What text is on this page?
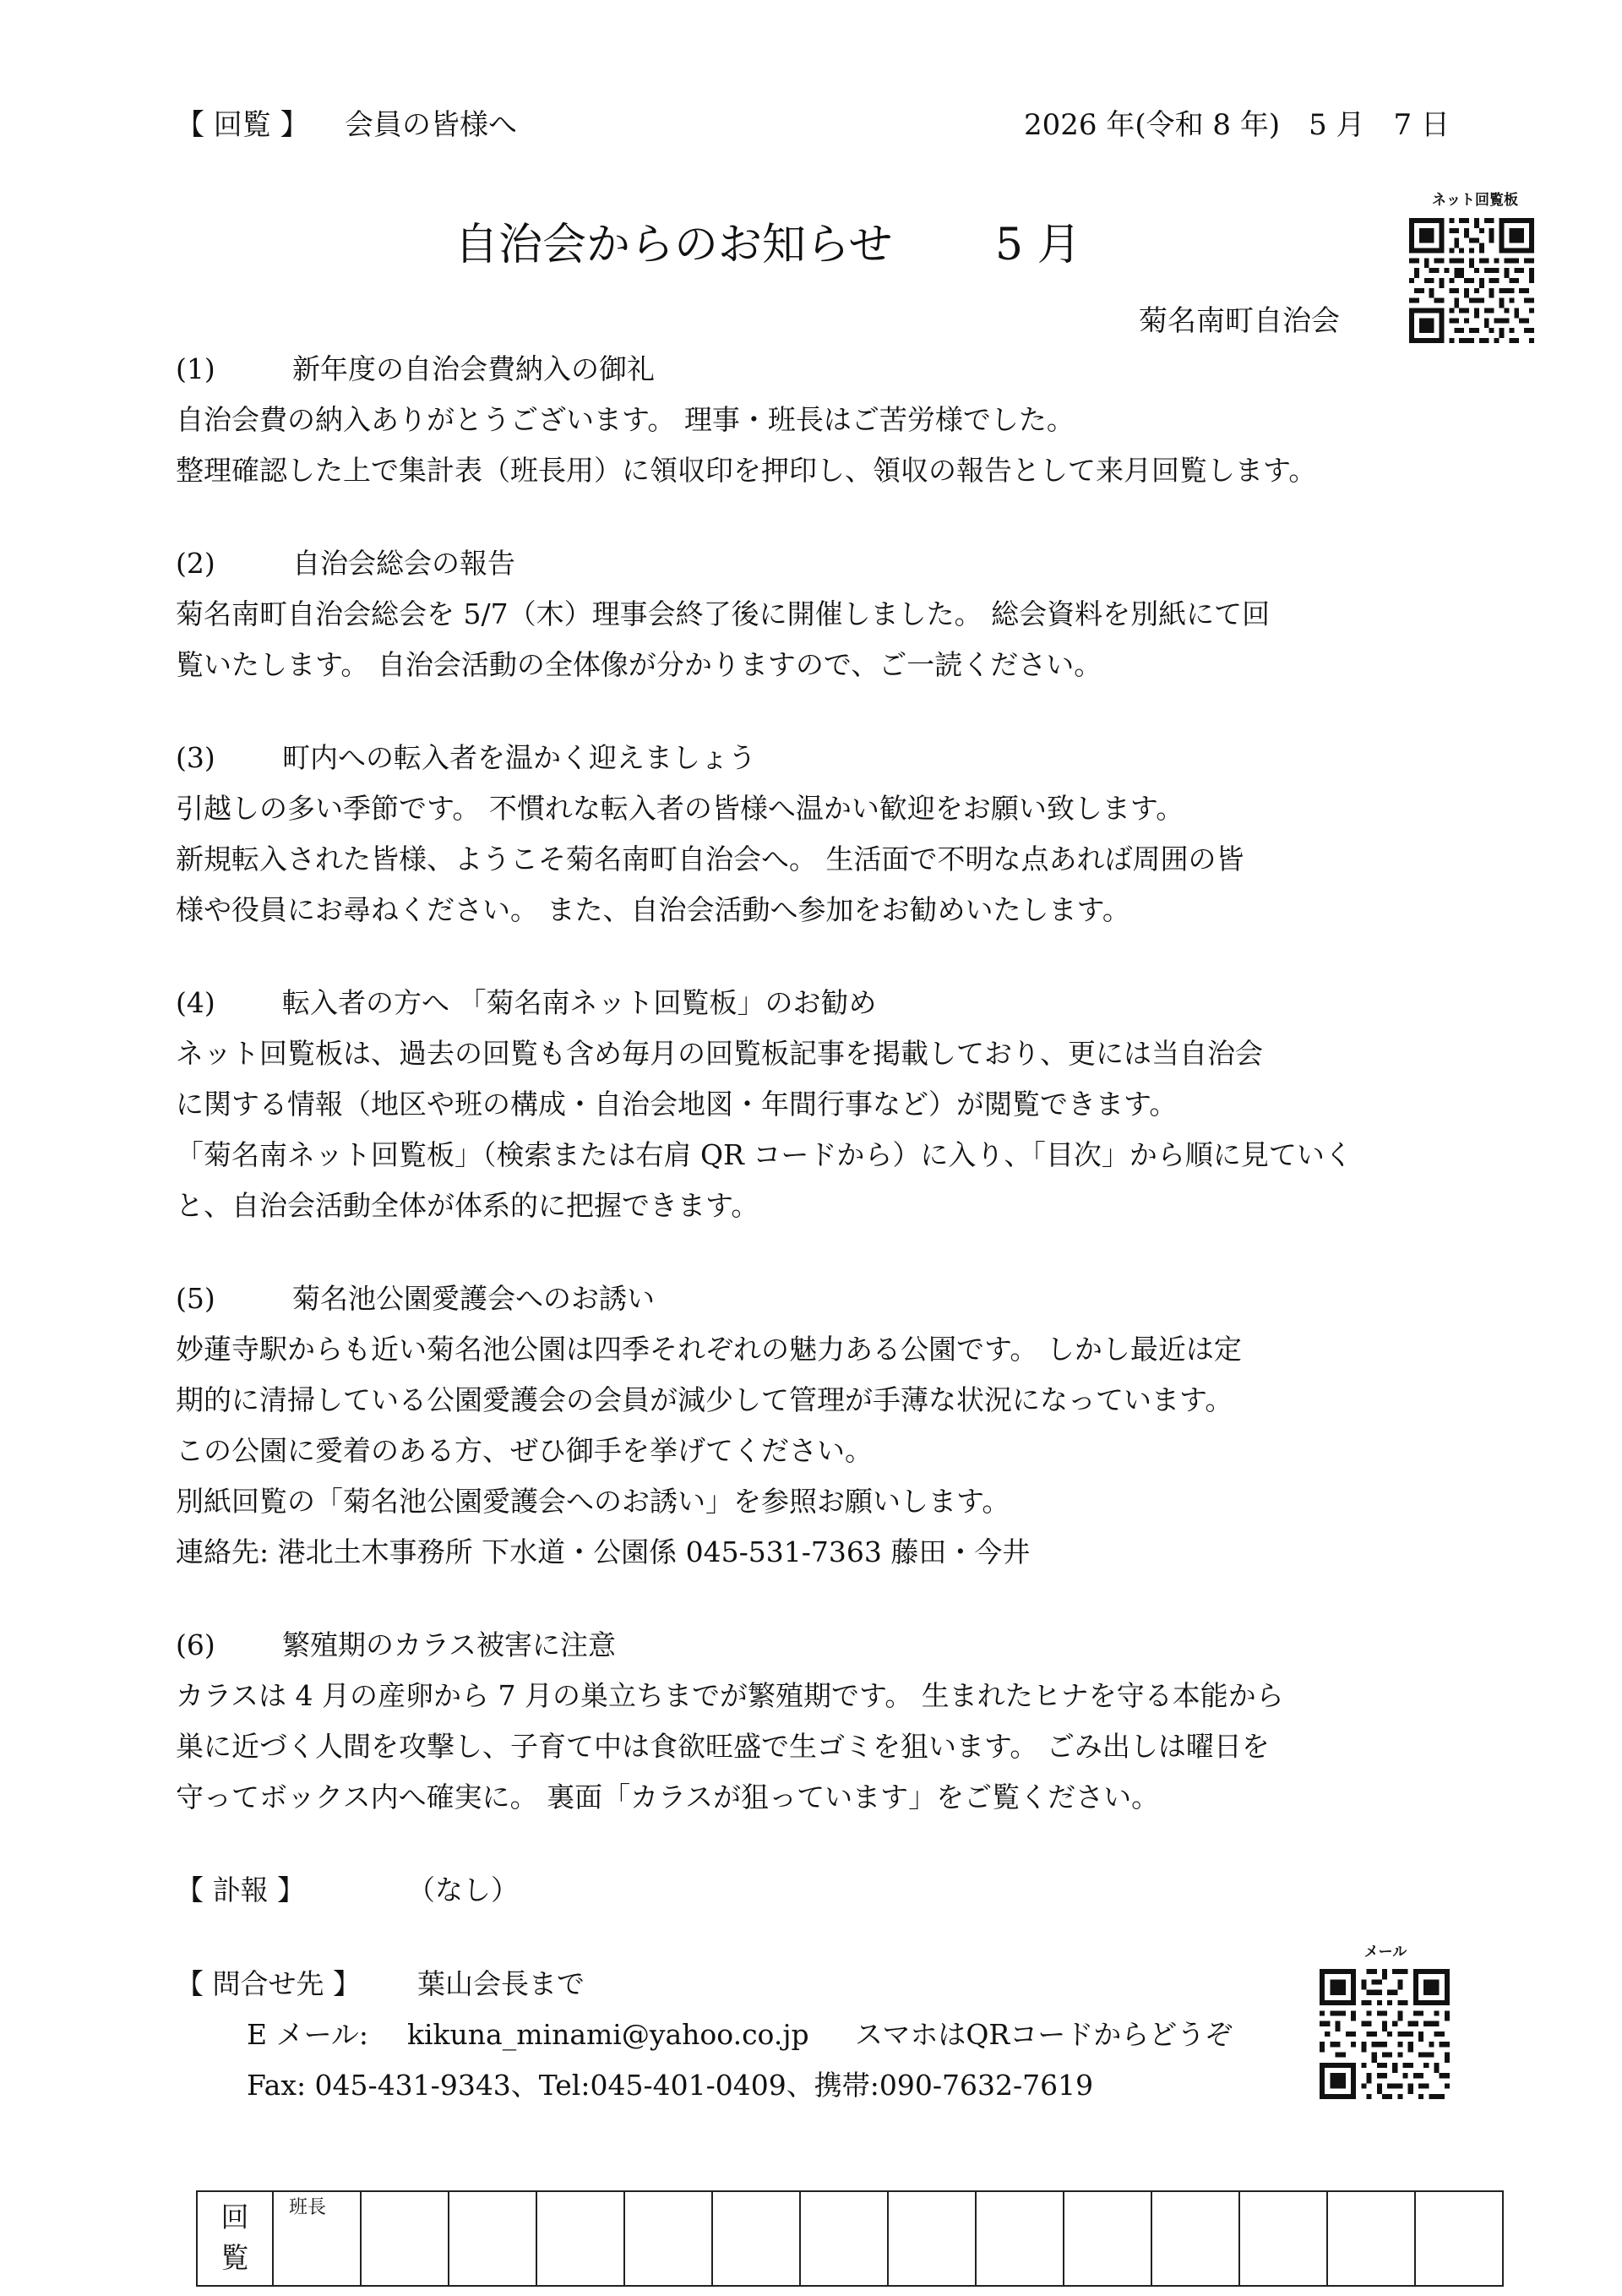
【 回覧 】 会員の皆様へ	2026 年(令和 8 年)　5 月　7 日
ネット回覧板
自治会からのお知らせ 5 月
菊名南町自治会
(1)	新年度の自治会費納入の御礼
自治会費の納入ありがとうございます。 理事・班長はご苦労様でした。
整理確認した上で集計表（班長用）に領収印を押印し、領収の報告として来月回覧します。
(2)	自治会総会の報告
菊名南町自治会総会を 5/7（木）理事会終了後に開催しました。 総会資料を別紙にて回
覧いたします。 自治会活動の全体像が分かりますので、ご一読ください。
(3) 町内への転入者を温かく迎えましょう
引越しの多い季節です。 不慣れな転入者の皆様へ温かい歓迎をお願い致します。
新規転入された皆様、ようこそ菊名南町自治会へ。 生活面で不明な点あれば周囲の皆
様や役員にお尋ねください。 また、自治会活動へ参加をお勧めいたします。
(4) 転入者の方へ 「菊名南ネット回覧板」のお勧め
ネット回覧板は、過去の回覧も含め毎月の回覧板記事を掲載しており、更には当自治会
に関する情報（地区や班の構成・自治会地図・年間行事など）が閲覧できます。
「菊名南ネット回覧板」（検索または右肩 QR コードから）に入り、「目次」から順に見ていく
と、自治会活動全体が体系的に把握できます。
(5)	菊名池公園愛護会へのお誘い
妙蓮寺駅からも近い菊名池公園は四季それぞれの魅力ある公園です。 しかし最近は定
期的に清掃している公園愛護会の会員が減少して管理が手薄な状況になっています。
この公園に愛着のある方、ぜひ御手を挙げてください。
別紙回覧の「菊名池公園愛護会へのお誘い」を参照お願いします。
連絡先: 港北土木事務所 下水道・公園係 045-531-7363 藤田・今井
(6) 繁殖期のカラス被害に注意
カラスは 4 月の産卵から 7 月の巣立ちまでが繁殖期です。 生まれたヒナを守る本能から
巣に近づく人間を攻撃し、子育て中は食欲旺盛で生ゴミを狙います。 ごみ出しは曜日を
守ってボックス内へ確実に。 裏面「カラスが狙っています」をご覧ください。
【 訃報 】	（なし）
【 問合せ先 】 葉山会長まで
E メール: kikuna_minami@yahoo.co.jp スマホはQRコードからどうぞ
Fax: 045-431-9343、Tel:045-401-0409、携帯:090-7632-7619
メール
回
覧
	班長													
